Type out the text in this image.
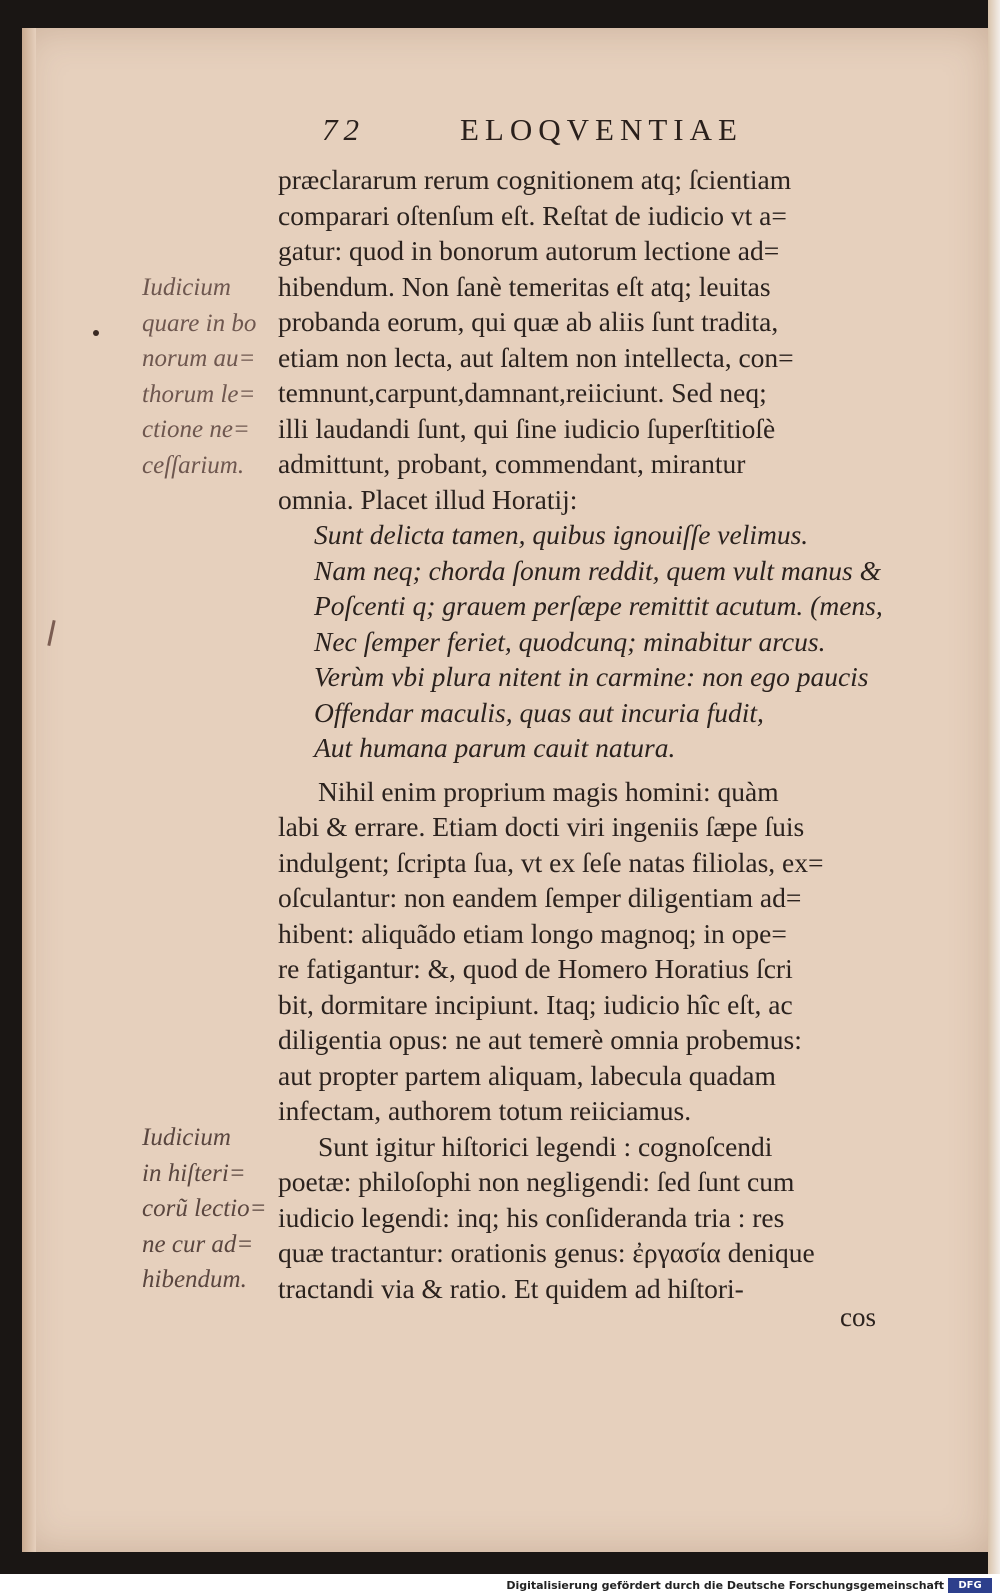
72	ELOQVENTIAE
Iudicium
quare in bo
norum au=
thorum le=
ctione ne=
ceſſarium.
Iudicium
in hiſteri=
corũ lectio=
ne cur ad=
hibendum.
præclararum rerum cognitionem atq; ſcientiam
comparari oſtenſum eſt. Reſtat de iudicio vt a=
gatur: quod in bonorum autorum lectione ad=
hibendum. Non ſanè temeritas eſt atq; leuitas
probanda eorum, qui quæ ab aliis ſunt tradita,
etiam non lecta, aut ſaltem non intellecta, con=
temnunt,carpunt,damnant,reiiciunt. Sed neq;
illi laudandi ſunt, qui ſine iudicio ſuperſtitioſè
admittunt, probant, commendant, mirantur
omnia. Placet illud Horatij:
Sunt delicta tamen, quibus ignouiſſe velimus.
Nam neq; chorda ſonum reddit, quem vult manus &
Poſcenti q; grauem perſæpe remittit acutum. (mens,
Nec ſemper feriet, quodcunq; minabitur arcus.
Verùm vbi plura nitent in carmine: non ego paucis
Offendar maculis, quas aut incuria fudit,
Aut humana parum cauit natura.
Nihil enim proprium magis homini: quàm
labi & errare. Etiam docti viri ingeniis ſæpe ſuis
indulgent; ſcripta ſua, vt ex ſeſe natas filiolas, ex=
oſculantur: non eandem ſemper diligentiam ad=
hibent: aliquãdo etiam longo magnoq; in ope=
re fatigantur: &, quod de Homero Horatius ſcri
bit, dormitare incipiunt. Itaq; iudicio hîc eſt, ac
diligentia opus: ne aut temerè omnia probemus:
aut propter partem aliquam, labecula quadam
infectam, authorem totum reiiciamus.
Sunt igitur hiſtorici legendi : cognoſcendi
poetæ: philoſophi non negligendi: ſed ſunt cum
iudicio legendi: inq; his conſideranda tria : res
quæ tractantur: orationis genus: ἐργασία denique
tractandi via & ratio. Et quidem ad hiſtori-
cos
Digitalisierung gefördert durch die Deutsche Forschungsgemeinschaft	DFG
